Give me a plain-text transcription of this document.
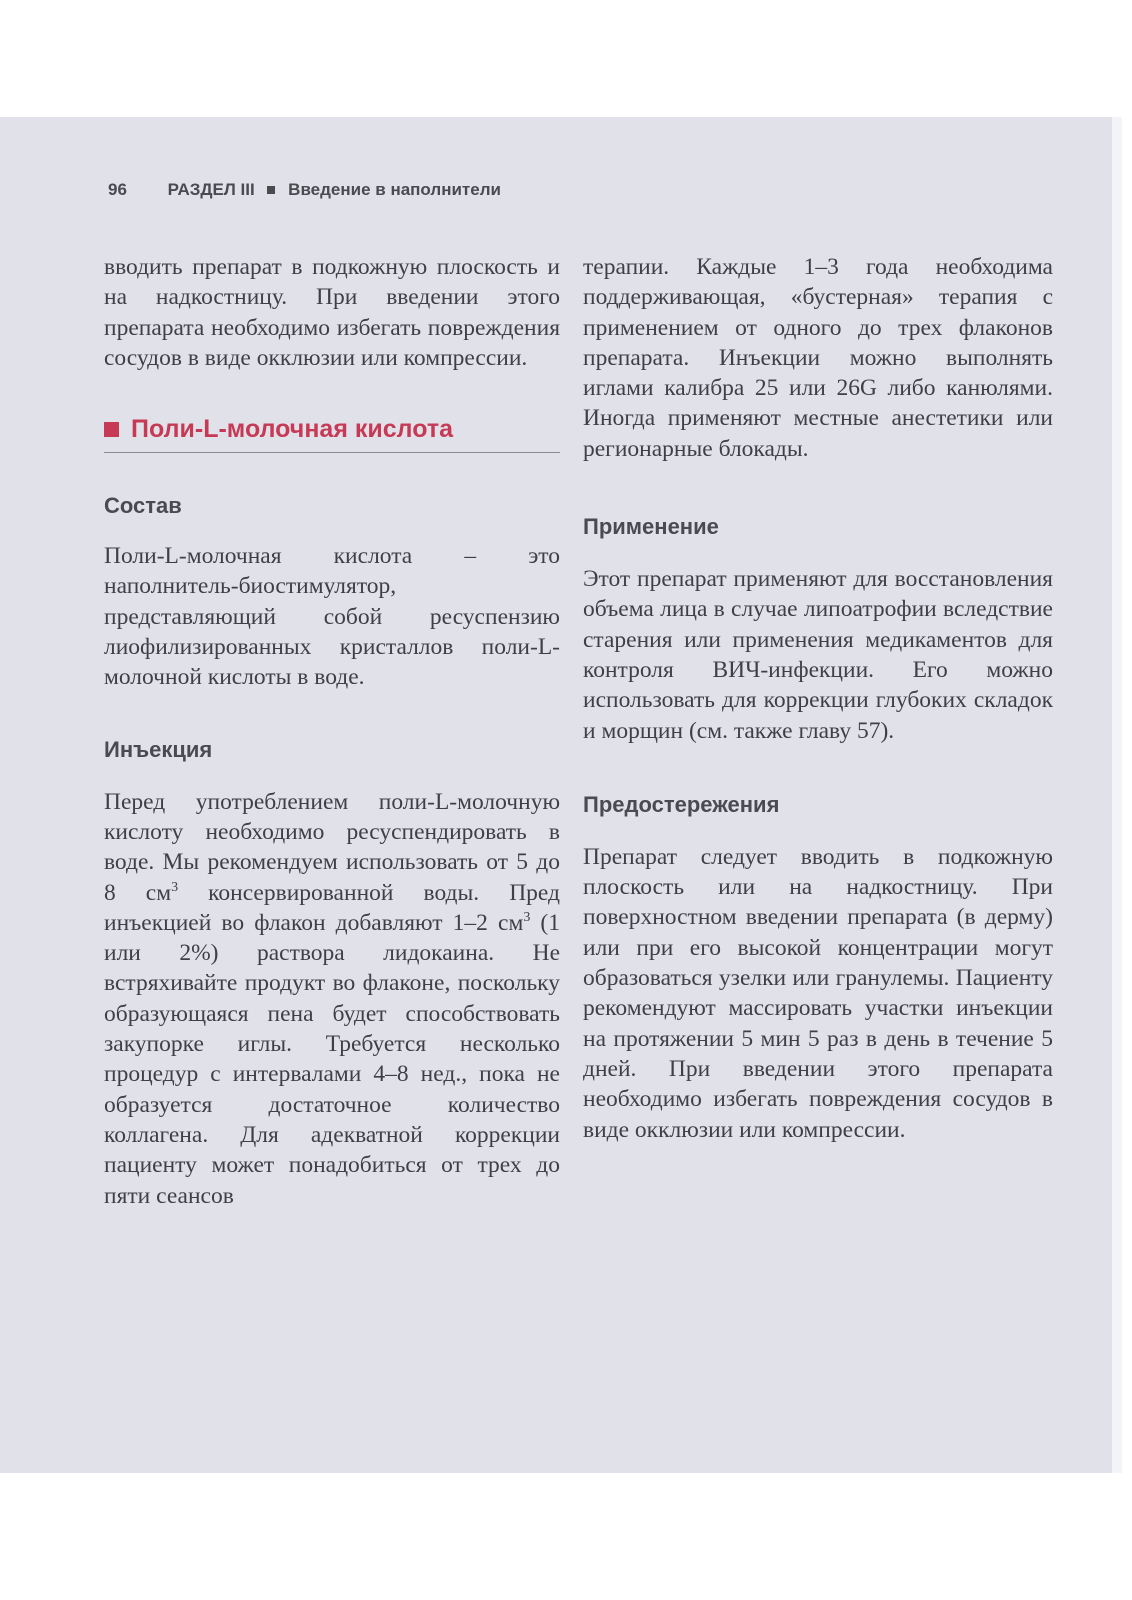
96 РАЗДЕЛ III Введение в наполнители

вводить препарат в подкожную плоскость и на надкостницу. При введении этого препарата необходимо избегать повреждения сосудов в виде окклюзии или компрессии.

Поли-L-молочная кислота
Состав

Поли-L-молочная кислота – это наполнитель-биостимулятор, представляющий собой ресуспензию лиофилизированных кристаллов поли-L-молочной кислоты в воде.

Инъекция

Перед употреблением поли-L-молочную кислоту необходимо ресуспендировать в воде. Мы рекомендуем использовать от 5 до 8 $см^3$ консервированной воды. Пред инъекцией во флакон добавляют 1–2 $см^3$ (1 или 2%) раствора лидокаина. Не встряхивайте продукт во флаконе, поскольку образующаяся пена будет способствовать закупорке иглы. Требуется несколько процедур с интервалами 4–8 нед., пока не образуется достаточное количество коллагена. Для адекватной коррекции пациенту может понадобиться от трех до пяти сеансов

терапии. Каждые 1–3 года необходима поддерживающая, «бустерная» терапия с применением от одного до трех флаконов препарата. Инъекции можно выполнять иглами калибра 25 или 26G либо канюлями. Иногда применяют местные анестетики или регионарные блокады.

Применение

Этот препарат применяют для восстановления объема лица в случае липоатрофии вследствие старения или применения медикаментов для контроля ВИЧ-инфекции. Его можно использовать для коррекции глубоких складок и морщин (см. также главу 57).

Предостережения

Препарат следует вводить в подкожную плоскость или на надкостницу. При поверхностном введении препарата (в дерму) или при его высокой концентрации могут образоваться узелки или гранулемы. Пациенту рекомендуют массировать участки инъекции на протяжении 5 мин 5 раз в день в течение 5 дней. При введении этого препарата необходимо избегать повреждения сосудов в виде окклюзии или компрессии.
